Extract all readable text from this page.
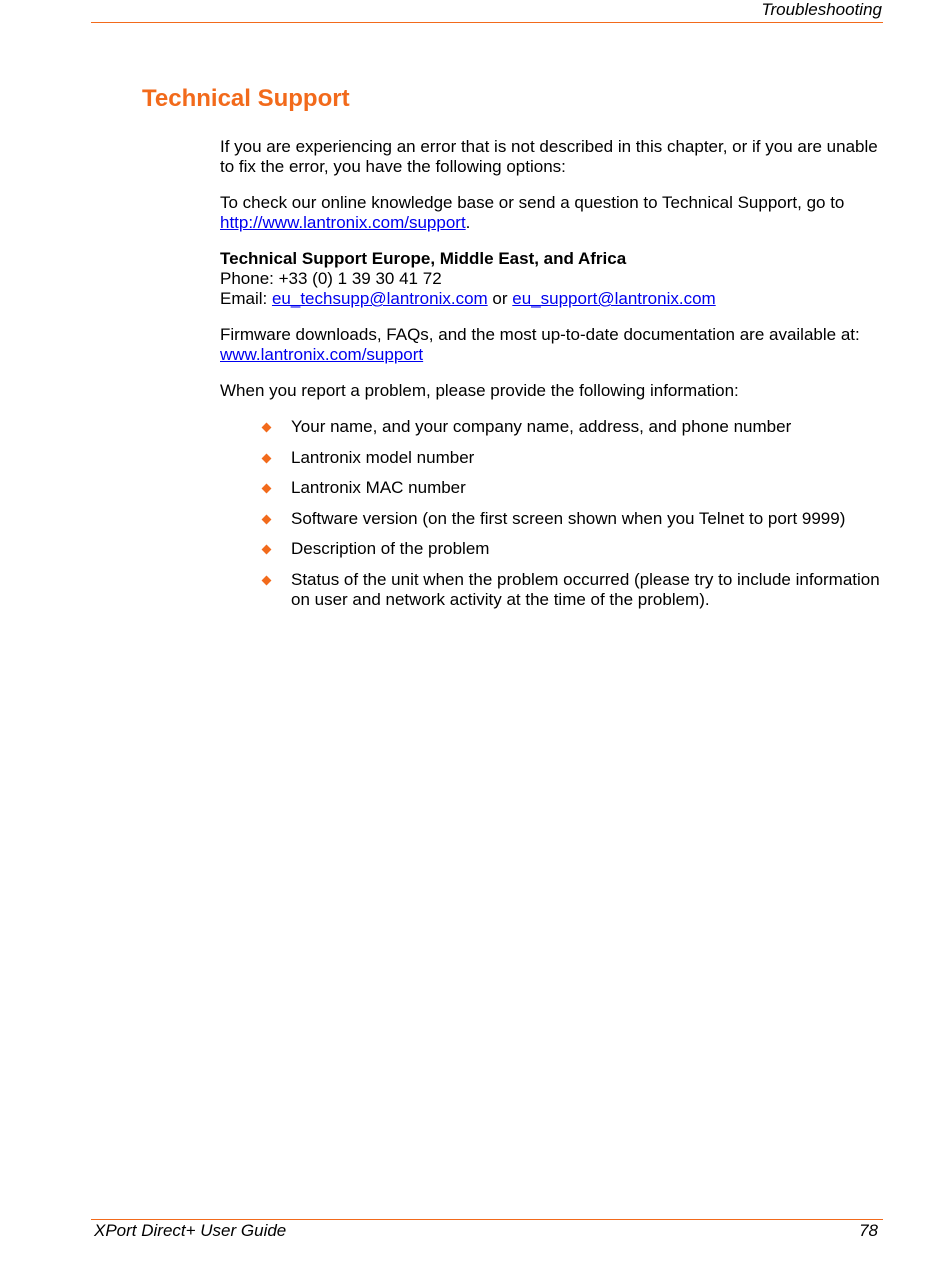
Troubleshooting
Technical Support

If you are experiencing an error that is not described in this chapter, or if you are unable to fix the error, you have the following options:

To check our online knowledge base or send a question to Technical Support, go to
http://www.lantronix.com/support.

Technical Support Europe, Middle East, and Africa
Phone: +33 (0) 1 39 30 41 72
Email: eu_techsupp@lantronix.com or eu_support@lantronix.com

Firmware downloads, FAQs, and the most up-to-date documentation are available at:
www.lantronix.com/support

When you report a problem, please provide the following information:

Your name, and your company name, address, and phone number
Lantronix model number
Lantronix MAC number
Software version (on the first screen shown when you Telnet to port 9999)
Description of the problem
Status of the unit when the problem occurred (please try to include information on user and network activity at the time of the problem).
XPort Direct+ User Guide	78
